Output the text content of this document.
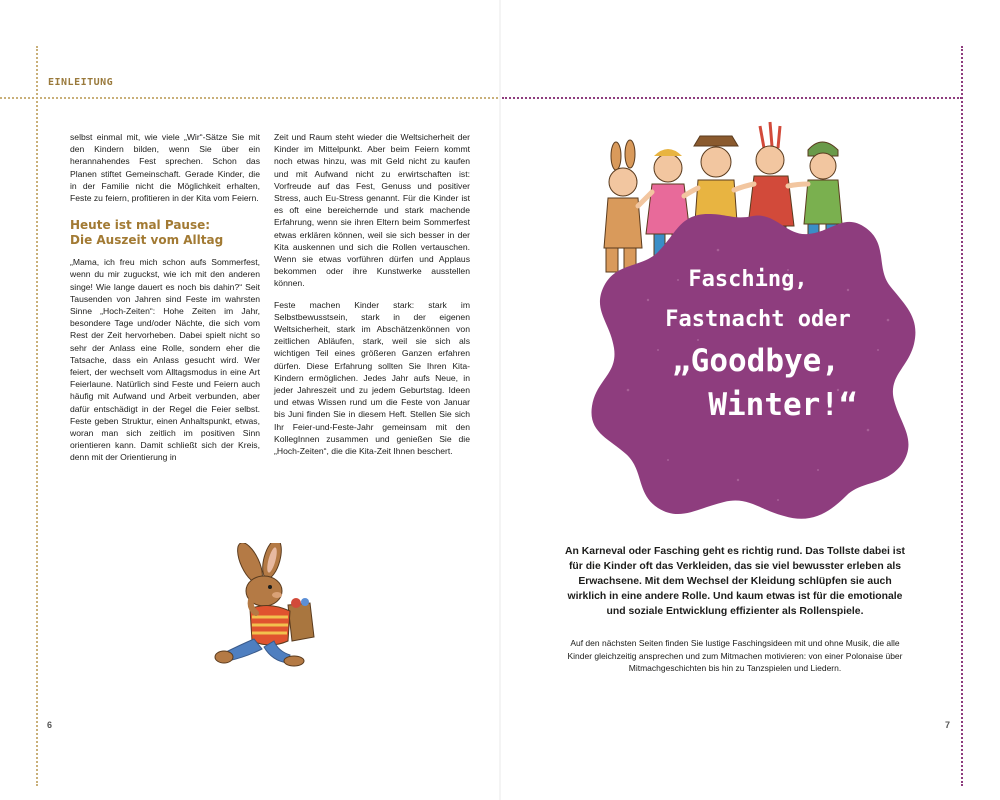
EINLEITUNG

selbst einmal mit, wie viele „Wir“-Sätze Sie mit den Kindern bilden, wenn Sie über ein herannahendes Fest sprechen. Schon das Planen stiftet Gemeinschaft. Gerade Kinder, die in der Familie nicht die Möglichkeit erhalten, Feste zu feiern, profitieren in der Kita vom Feiern.

Heute ist mal Pause:
Die Auszeit vom Alltag

„Mama, ich freu mich schon aufs Sommerfest, wenn du mir zuguckst, wie ich mit den anderen singe! Wie lange dauert es noch bis dahin?“ Seit Tausenden von Jahren sind Feste im wahrsten Sinne „Hoch-Zeiten“: Hohe Zeiten im Jahr, besondere Tage und/oder Nächte, die sich vom Rest der Zeit hervorheben. Dabei spielt nicht so sehr der Anlass eine Rolle, sondern eher die Tatsache, dass ein Anlass gesucht wird. Wer feiert, der wechselt vom Alltagsmodus in eine Art Feierlaune. Natürlich sind Feste und Feiern auch häufig mit Aufwand und Arbeit verbunden, aber dafür entschädigt in der Regel die Feier selbst. Feste geben Struktur, einen Anhaltspunkt, etwas, woran man sich zeitlich im positiven Sinn orientieren kann. Damit schließt sich der Kreis, denn mit der Orientierung in

Zeit und Raum steht wieder die Weltsicherheit der Kinder im Mittelpunkt. Aber beim Feiern kommt noch etwas hinzu, was mit Geld nicht zu kaufen und mit Aufwand nicht zu erwirtschaften ist: Vorfreude auf das Fest, Genuss und positiver Stress, auch Eu-Stress genannt. Für die Kinder ist es oft eine bereichernde und stark machende Erfahrung, wenn sie ihren Eltern beim Sommerfest etwas erklären können, weil sie sich besser in der Kita auskennen und sich die Rollen vertauschen. Wenn sie etwas vorführen dürfen und Applaus bekommen oder ihre Kunstwerke ausstellen können.

Feste machen Kinder stark: stark im Selbstbewusstsein, stark in der eigenen Weltsicherheit, stark im Abschätzenkönnen von zeitlichen Abläufen, stark, weil sie sich als wichtigen Teil eines größeren Ganzen erfahren dürfen. Diese Erfahrung sollten Sie Ihren Kita-Kindern ermöglichen. Jedes Jahr aufs Neue, in jeder Jahreszeit und zu jedem Geburtstag. Ideen und etwas Wissen rund um die Feste von Januar bis Juni finden Sie in diesem Heft. Stellen Sie sich Ihr Feier-und-Feste-Jahr gemeinsam mit den KollegInnen zusammen und genießen Sie die „Hoch-Zeiten“, die die Kita-Zeit Ihnen beschert.

6	7
Fasching,
Fastnacht oder
„Goodbye,
Winter!“
An Karneval oder Fasching geht es richtig rund. Das Tollste dabei ist für die Kinder oft das Verkleiden, das sie viel bewusster erleben als Erwachsene. Mit dem Wechsel der Kleidung schlüpfen sie auch wirklich in eine andere Rolle. Und kaum etwas ist für die emotionale und soziale Entwicklung effizienter als Rollenspiele.
Auf den nächsten Seiten finden Sie lustige Faschingsideen mit und ohne Musik, die alle Kinder gleichzeitig ansprechen und zum Mitmachen motivieren: von einer Polonaise über Mitmachgeschichten bis hin zu Tanzspielen und Liedern.
